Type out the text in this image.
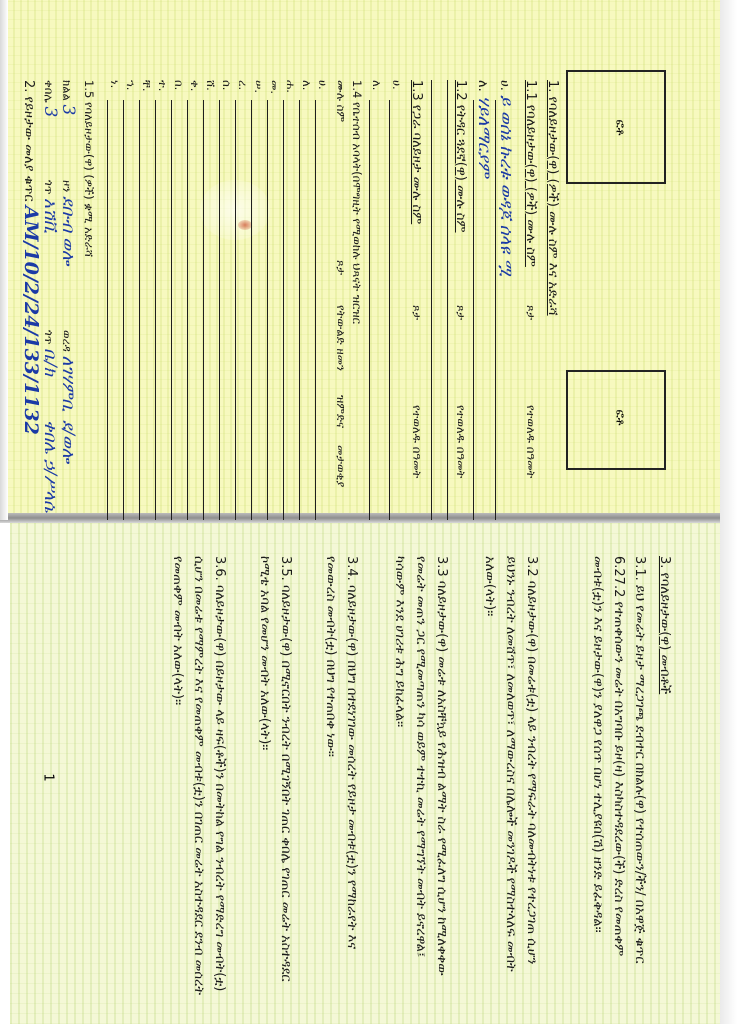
ፎቶ
ፎቶ
1. የባለይዞታው(ዋ) (ዎች) ሙሉ ስም እና አድራሻ
1.1 የባለይዞታው(ዋ) (ዎች) ሙሉ ስም
ጾታ
የተወለዱ በዓመት
ሀ. ይ ወሰኔ ኩረቱ ወዳጆ ሰላዩ ሟ
ለ. ሃይለማርያም
1.2 የትዳር ጓደኛ(ዋ) ሙሉ ስም
ጾታ
የተወለዱ በዓመት
1.3 የጋራ ባለይዞታ ሙሉ ስም
ጾታ
የተወለዱ በዓመት
ሀ.
ለ.
1.4 የቤተሰብ አባላት(በሞግዚት የሚወከሉ ህጻናት ዝርዝር
ሙሉ ስም
ጾታ
የትውልድ ዘመን
ዝምድና
መታወቂያ
ሀ.
ለ.
ሐ.
መ.
ሠ.
ረ.
ሰ.
ሸ.
ቀ.
በ.
ተ.
ቸ.
ኀ.
ነ.
1.5 የባለይዞታው(ዋ) (ዎች) ቋሚ አድራሻ
ክልል 3
ዞን ደቡብ ወሎ
ወረዳ ለገሃምቢ
ቀበሌ 3
ጎጥ አሽቪ
ጎጥ ቤ/ክ
ቀበሌ ኃ/ሥላሴ
ደ/ወሎ
2. የይዞታው መለያ ቁጥር AM/10/2/24/133/1132
3. የባለይዞታው(ዋ) መብቶች
3.1. ይህ የመሬት ይዞታ ማረጋገጫ ደብተር በክልሉ(ዋ) የተሰጠውን/ችን/ በአዋጅ ቁጥር 6.27.2 የተጠቀሰውን መሬት በአግባቡ ይዞ(ዛ) እስካስተዳደረው(ች) ድረስ የመጠቀም መብቱ(ቷ)ን እና ይዞታው(ዋ)ን ያለዋጋ የሰጥ በሆነ ተሊያዩበ(ሽ) ዘንድ ይፈቅዳል።
3.2 ባለይዞታው(ዋ) በመሬቱ(ቷ) ላይ ንብረት የማፍራት ባለመብትነቱ የተረጋገጠ ሲሆን ይህንኑ ንብረት ለመሸጥ፣ ለመለወጥ፣ ለማውረስና በሌሎች መንገዶች የማስተላለፍ መብት አለው(ላት)።
3.3 ባለይዞታው(ዋ) መሬቱ ለአስቸኳይ የሕዝብ ልማት ስራ የሚፈለግ ሲሆን ከሚለቀቀው የመሬት መጠን ጋር የሚመጣጠን ካሳ ወይም ተተኪ መሬት የማግኘት መብት ይኖረዋል፤ ካሳውም እንደ ሀገሪቱ ሕግ ይከፈላል።
3.4. ባለይዞታው(ዋ) በህግ በተደነገገው መሰረት የይዞታ መብቱ(ቷ)ን የማከራየት እና የመውረስ መብት(ቷ) በህግ የተጠበቀ ነው።
3.5. ባለይዞታው(ዋ) በሚኖርበት ንብረት በሚገኝበት ገጠር ቀበሌ የገጠር መሬት አስተዳደር ኮሚቴ አባል የመሆን መብት አለው(ላት)።
3.6. ባለይዞታው(ዋ) በይዞታው ላይ ዛፍ(ቶች)ን በመትከል የግል ንብረት የማድረግ መብት(ቷ) ሲሆን በመሬቱ የማምረት እና የመጠቀም መብቱ(ቷ)ን በገጠር መሬት አስተዳደር ደንብ መሰረት የመጠቀም መብት አለው(ላት)።
1
